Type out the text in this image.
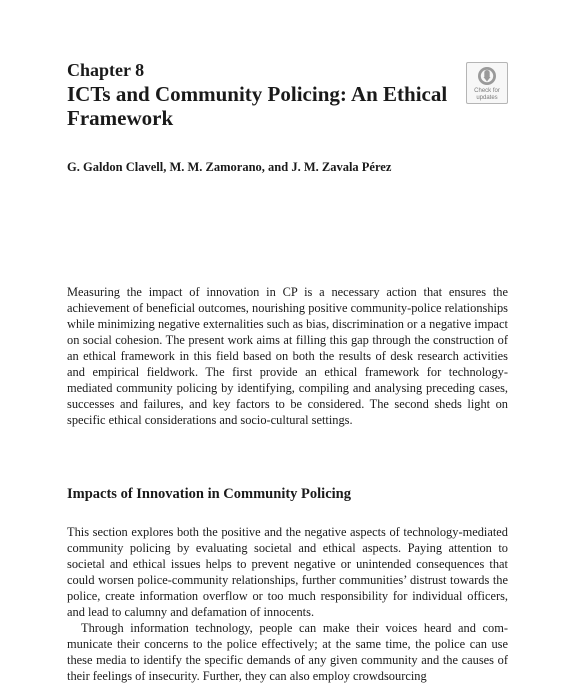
Chapter 8
ICTs and Community Policing: An Ethical Framework
Check for updates
G. Galdon Clavell, M. M. Zamorano, and J. M. Zavala Pérez

Measuring the impact of innovation in CP is a necessary action that ensures the achievement of beneficial outcomes, nourishing positive community-police relationships while minimizing negative externalities such as bias, discrimination or a negative impact on social cohesion. The present work aims at filling this gap through the construction of an ethical framework in this field based on both the results of desk research activities and empirical fieldwork. The first provide an ethical framework for technology-mediated community policing by identifying, compiling and analysing preceding cases, successes and failures, and key factors to be considered. The second sheds light on specific ethical considerations and socio-cultural settings.

Impacts of Innovation in Community Policing

This section explores both the positive and the negative aspects of technology-mediated community policing by evaluating societal and ethical aspects. Paying attention to societal and ethical issues helps to prevent negative or unintended consequences that could worsen police-community relationships, further communities’ distrust towards the police, create information overflow or too much responsibility for individual officers, and lead to calumny and defamation of innocents.

Through information technology, people can make their voices heard and communicate their concerns to the police effectively; at the same time, the police can use these media to identify the specific demands of any given community and the causes of their feelings of insecurity. Further, they can also employ crowdsourcing
